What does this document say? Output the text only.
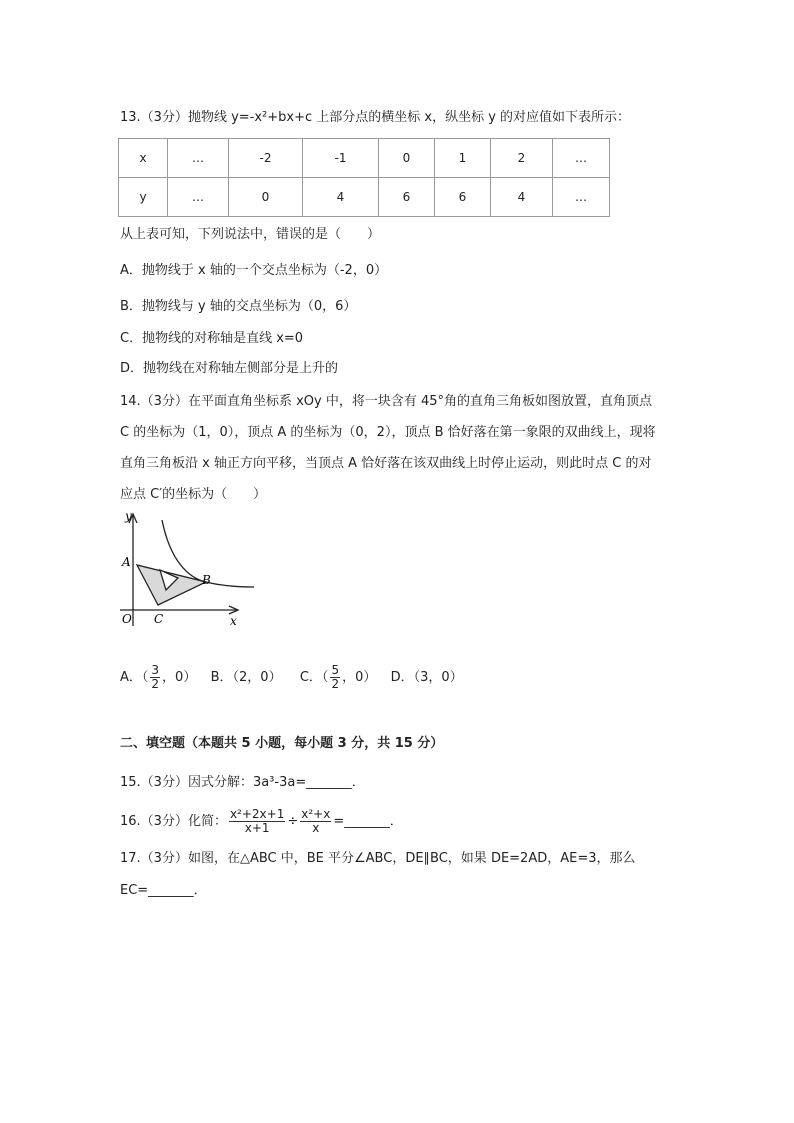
13.（3分）抛物线 y=-x²+bx+c 上部分点的横坐标 x，纵坐标 y 的对应值如下表所示：
x	…	-2	-1	0	1	2	…
y	…	0	4	6	6	4	…
从上表可知，下列说法中，错误的是（　　）
A．抛物线于 x 轴的一个交点坐标为（-2，0）
B．抛物线与 y 轴的交点坐标为（0，6）
C．抛物线的对称轴是直线 x=0
D．抛物线在对称轴左侧部分是上升的
14.（3分）在平面直角坐标系 xOy 中，将一块含有 45°角的直角三角板如图放置，直角顶点
C 的坐标为（1，0），顶点 A 的坐标为（0，2），顶点 B 恰好落在第一象限的双曲线上，现将
直角三角板沿 x 轴正方向平移，当顶点 A 恰好落在该双曲线上时停止运动，则此时点 C 的对
应点 C′的坐标为（　　）
y
x
O
A
B
C
A．（ $\frac{3}{2}$ ，0） B．（2，0） C．（ $\frac{5}{2}$ ，0） D．（3，0）
二、填空题（本题共 5 小题，每小题 3 分，共 15 分）
15.（3分）因式分解：3a³-3a=_______．
16.（3分）化简： $\frac{\text{x²+2x+1}}{x+1} \div \frac{\text{x²+x}}{x}$ =_______．
17.（3分）如图，在△ABC 中，BE 平分∠ABC，DE∥BC，如果 DE=2AD，AE=3，那么
EC=_______．
